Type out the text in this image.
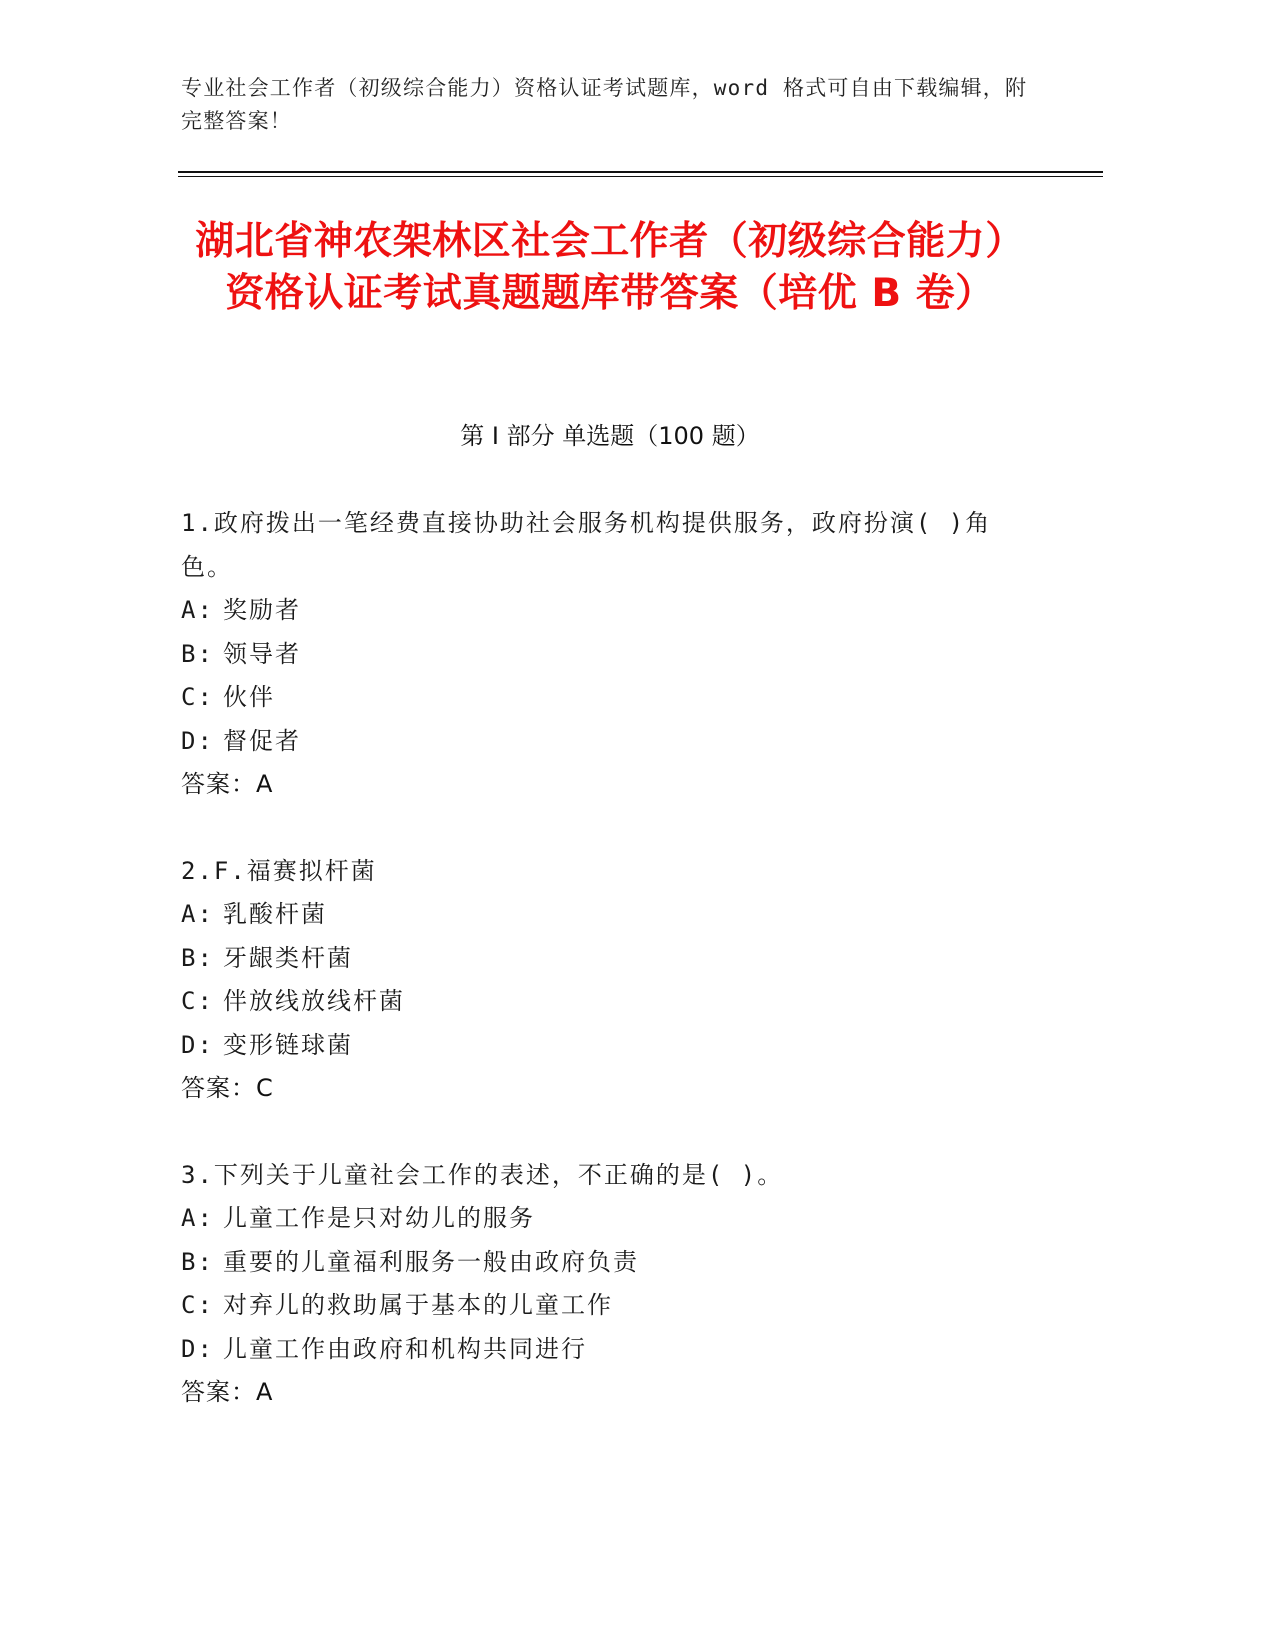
专业社会工作者（初级综合能力）资格认证考试题库，word 格式可自由下载编辑，附完整答案！
湖北省神农架林区社会工作者（初级综合能力）资格认证考试真题题库带答案（培优 B 卷）
第 I 部分 单选题（100 题）
1.政府拨出一笔经费直接协助社会服务机构提供服务，政府扮演( )角色。
A: 奖励者
B: 领导者
C: 伙伴
D: 督促者
答案：A
2.F.福赛拟杆菌
A: 乳酸杆菌
B: 牙龈类杆菌
C: 伴放线放线杆菌
D: 变形链球菌
答案：C
3.下列关于儿童社会工作的表述，不正确的是( )。
A: 儿童工作是只对幼儿的服务
B: 重要的儿童福利服务一般由政府负责
C: 对弃儿的救助属于基本的儿童工作
D: 儿童工作由政府和机构共同进行
答案：A
